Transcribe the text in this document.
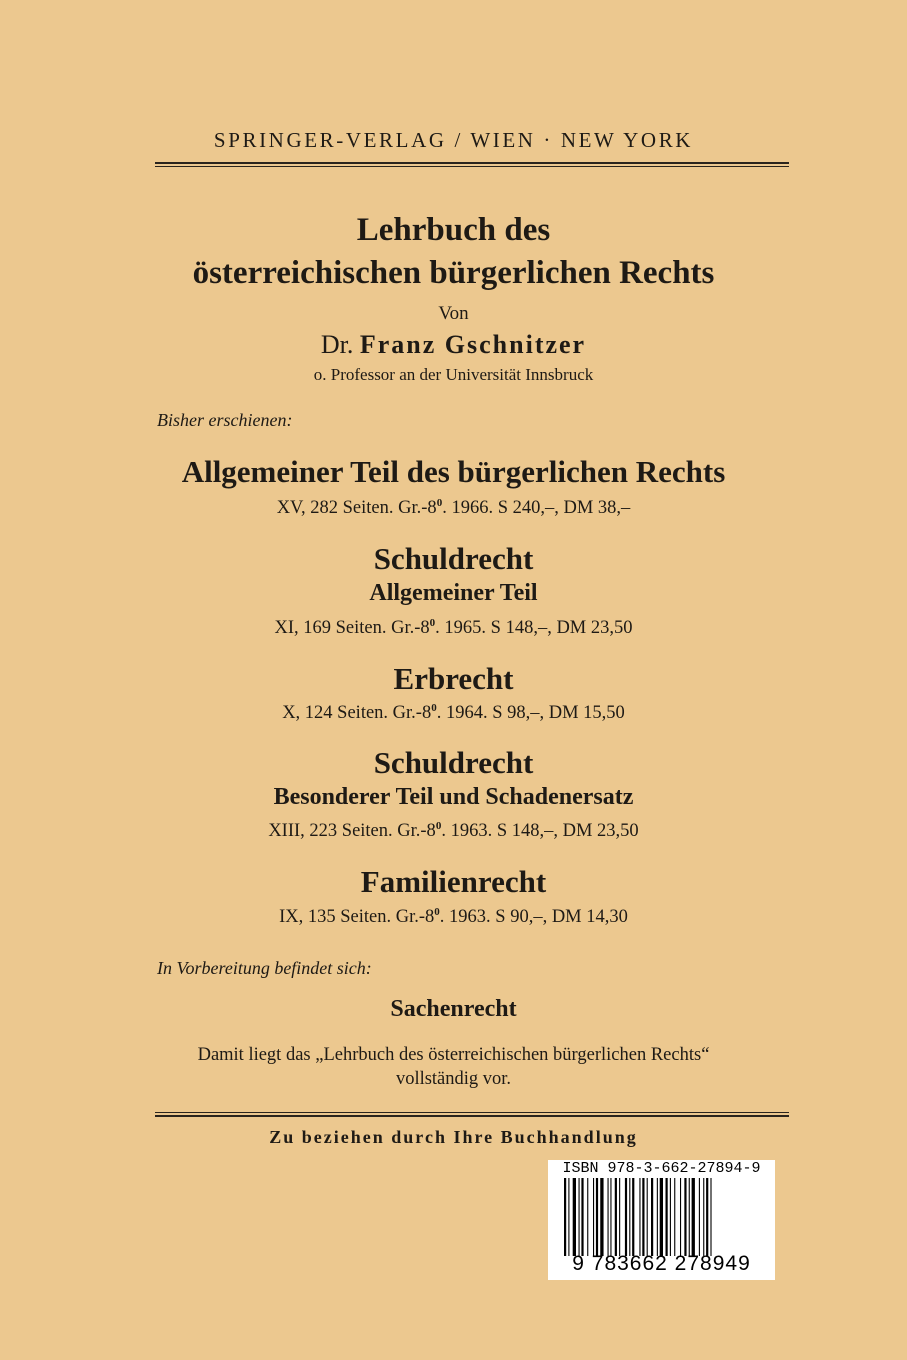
SPRINGER-VERLAG / WIEN · NEW YORK
Lehrbuch des
österreichischen bürgerlichen Rechts
Von
Dr. Franz Gschnitzer
o. Professor an der Universität Innsbruck
Bisher erschienen:
Allgemeiner Teil des bürgerlichen Rechts
XV, 282 Seiten. $Gr.-8^0$. 1966. S 240,–, DM 38,–
Schuldrecht
Allgemeiner Teil
XI, 169 Seiten. $Gr.-8^0$. 1965. S 148,–, DM 23,50
Erbrecht
X, 124 Seiten. $Gr.-8^0$. 1964. S 98,–, DM 15,50
Schuldrecht
Besonderer Teil und Schadenersatz
XIII, 223 Seiten. $Gr.-8^0$. 1963. S 148,–, DM 23,50
Familienrecht
IX, 135 Seiten. $Gr.-8^0$. 1963. S 90,–, DM 14,30
In Vorbereitung befindet sich:
Sachenrecht
Damit liegt das „Lehrbuch des österreichischen bürgerlichen Rechts“
vollständig vor.
Zu beziehen durch Ihre Buchhandlung
ISBN 978-3-662-27894-9
9 783662 278949
